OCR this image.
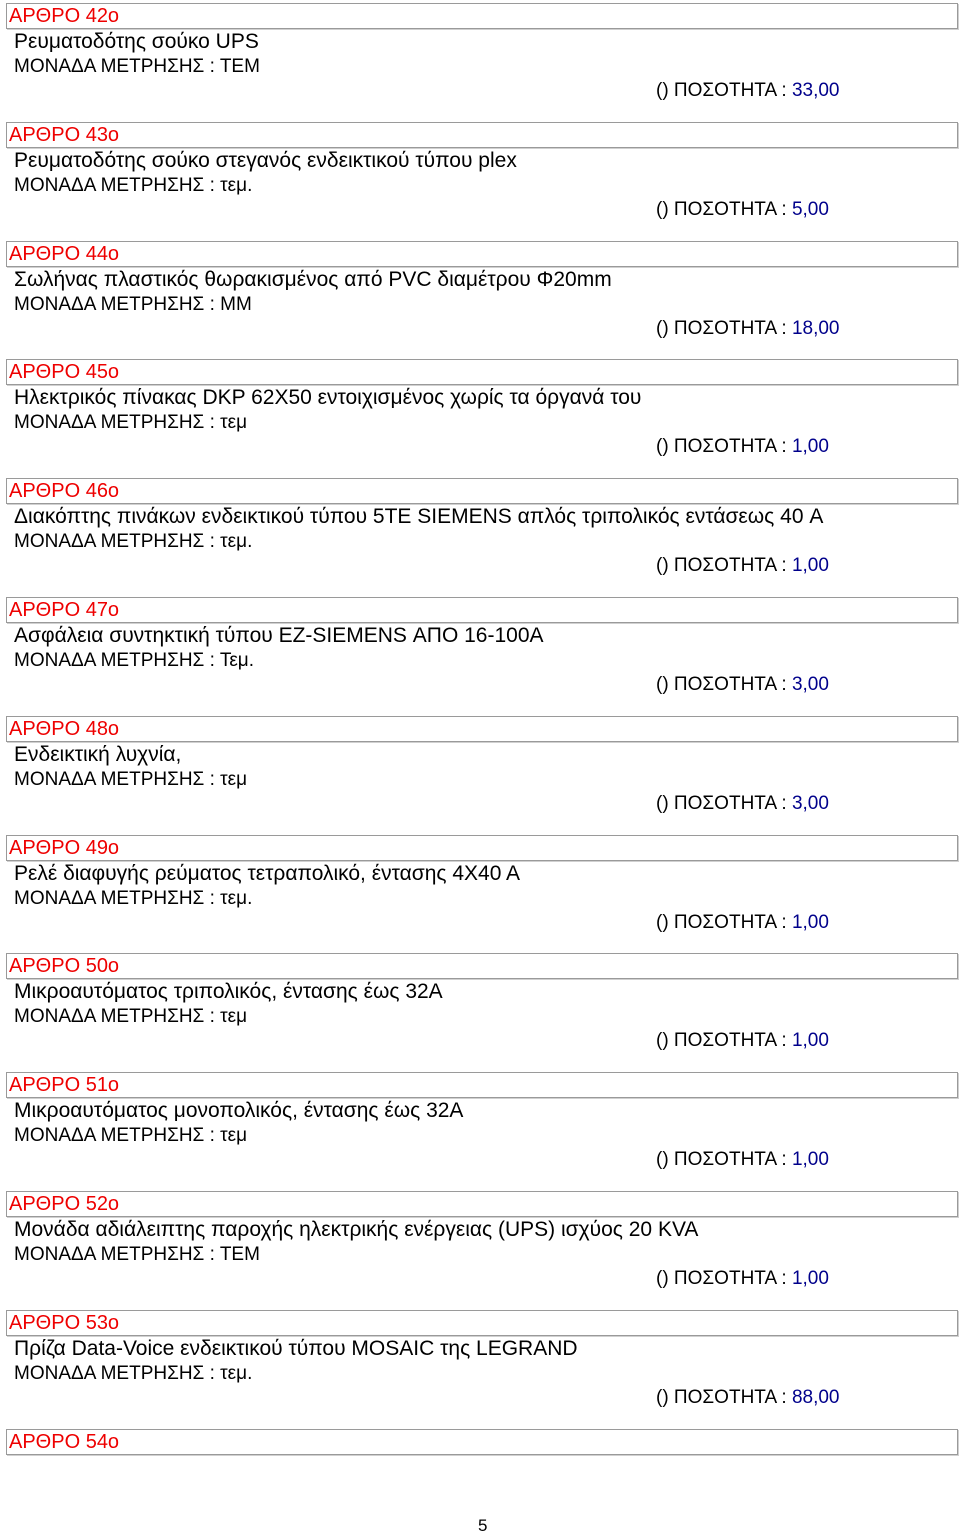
ΑΡΘΡΟ 42ο
Ρευματοδότης σούκο UPS
ΜΟΝΑΔΑ ΜΕΤΡΗΣΗΣ : ΤΕΜ
() ΠΟΣΟΤΗΤΑ : 33,00
ΑΡΘΡΟ 43ο
Ρευματοδότης σούκο στεγανός ενδεικτικού τύπου plex
ΜΟΝΑΔΑ ΜΕΤΡΗΣΗΣ : τεμ.
() ΠΟΣΟΤΗΤΑ : 5,00
ΑΡΘΡΟ 44ο
Σωλήνας πλαστικός θωρακισμένος από PVC διαμέτρου Φ20mm
ΜΟΝΑΔΑ ΜΕΤΡΗΣΗΣ : ΜΜ
() ΠΟΣΟΤΗΤΑ : 18,00
ΑΡΘΡΟ 45ο
Ηλεκτρικός πίνακας DKP 62X50 εντοιχισμένος χωρίς τα όργανά του
ΜΟΝΑΔΑ ΜΕΤΡΗΣΗΣ : τεμ
() ΠΟΣΟΤΗΤΑ : 1,00
ΑΡΘΡΟ 46ο
Διακόπτης πινάκων ενδεικτικού τύπου 5TE SIEMENS απλός τριπολικός εντάσεως 40 A
ΜΟΝΑΔΑ ΜΕΤΡΗΣΗΣ : τεμ.
() ΠΟΣΟΤΗΤΑ : 1,00
ΑΡΘΡΟ 47ο
Ασφάλεια συντηκτική τύπου EZ-SIEMENS ΑΠΟ 16-100Α
ΜΟΝΑΔΑ ΜΕΤΡΗΣΗΣ : Τεμ.
() ΠΟΣΟΤΗΤΑ : 3,00
ΑΡΘΡΟ 48ο
Ενδεικτική λυχνία,
ΜΟΝΑΔΑ ΜΕΤΡΗΣΗΣ : τεμ
() ΠΟΣΟΤΗΤΑ : 3,00
ΑΡΘΡΟ 49ο
Ρελέ διαφυγής ρεύματος τετραπολικό, έντασης 4Χ40 Α
ΜΟΝΑΔΑ ΜΕΤΡΗΣΗΣ : τεμ.
() ΠΟΣΟΤΗΤΑ : 1,00
ΑΡΘΡΟ 50ο
Μικροαυτόματος τριπολικός, έντασης έως 32Α
ΜΟΝΑΔΑ ΜΕΤΡΗΣΗΣ : τεμ
() ΠΟΣΟΤΗΤΑ : 1,00
ΑΡΘΡΟ 51ο
Μικροαυτόματος μονοπολικός, έντασης έως 32Α
ΜΟΝΑΔΑ ΜΕΤΡΗΣΗΣ : τεμ
() ΠΟΣΟΤΗΤΑ : 1,00
ΑΡΘΡΟ 52ο
Μονάδα αδιάλειπτης παροχής ηλεκτρικής ενέργειας (UPS) ισχύος 20 KVA
ΜΟΝΑΔΑ ΜΕΤΡΗΣΗΣ : ΤΕΜ
() ΠΟΣΟΤΗΤΑ : 1,00
ΑΡΘΡΟ 53ο
Πρίζα Data-Voice ενδεικτικού τύπου MOSAIC της LEGRAND
ΜΟΝΑΔΑ ΜΕΤΡΗΣΗΣ : τεμ.
() ΠΟΣΟΤΗΤΑ : 88,00
ΑΡΘΡΟ 54ο
5
